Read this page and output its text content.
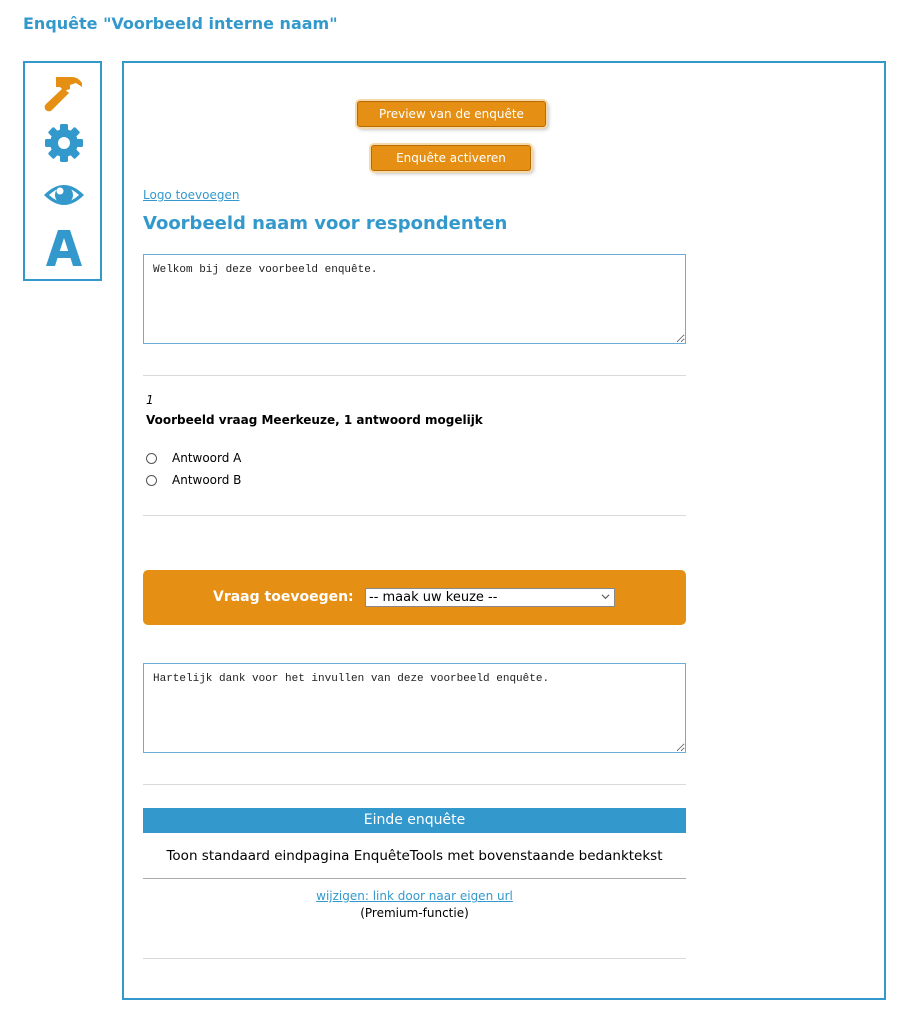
Enquête "Voorbeeld interne naam"
Preview van de enquête
Enquête activeren
Logo toevoegen
Voorbeeld naam voor respondenten
Welkom bij deze voorbeeld enquête.
1
Voorbeeld vraag Meerkeuze, 1 antwoord mogelijk
Antwoord A
Antwoord B
Vraag toevoegen:	-- maak uw keuze --
Hartelijk dank voor het invullen van deze voorbeeld enquête.
Einde enquête
Toon standaard eindpagina EnquêteTools met bovenstaande bedanktekst
wijzigen: link door naar eigen url
(Premium-functie)
